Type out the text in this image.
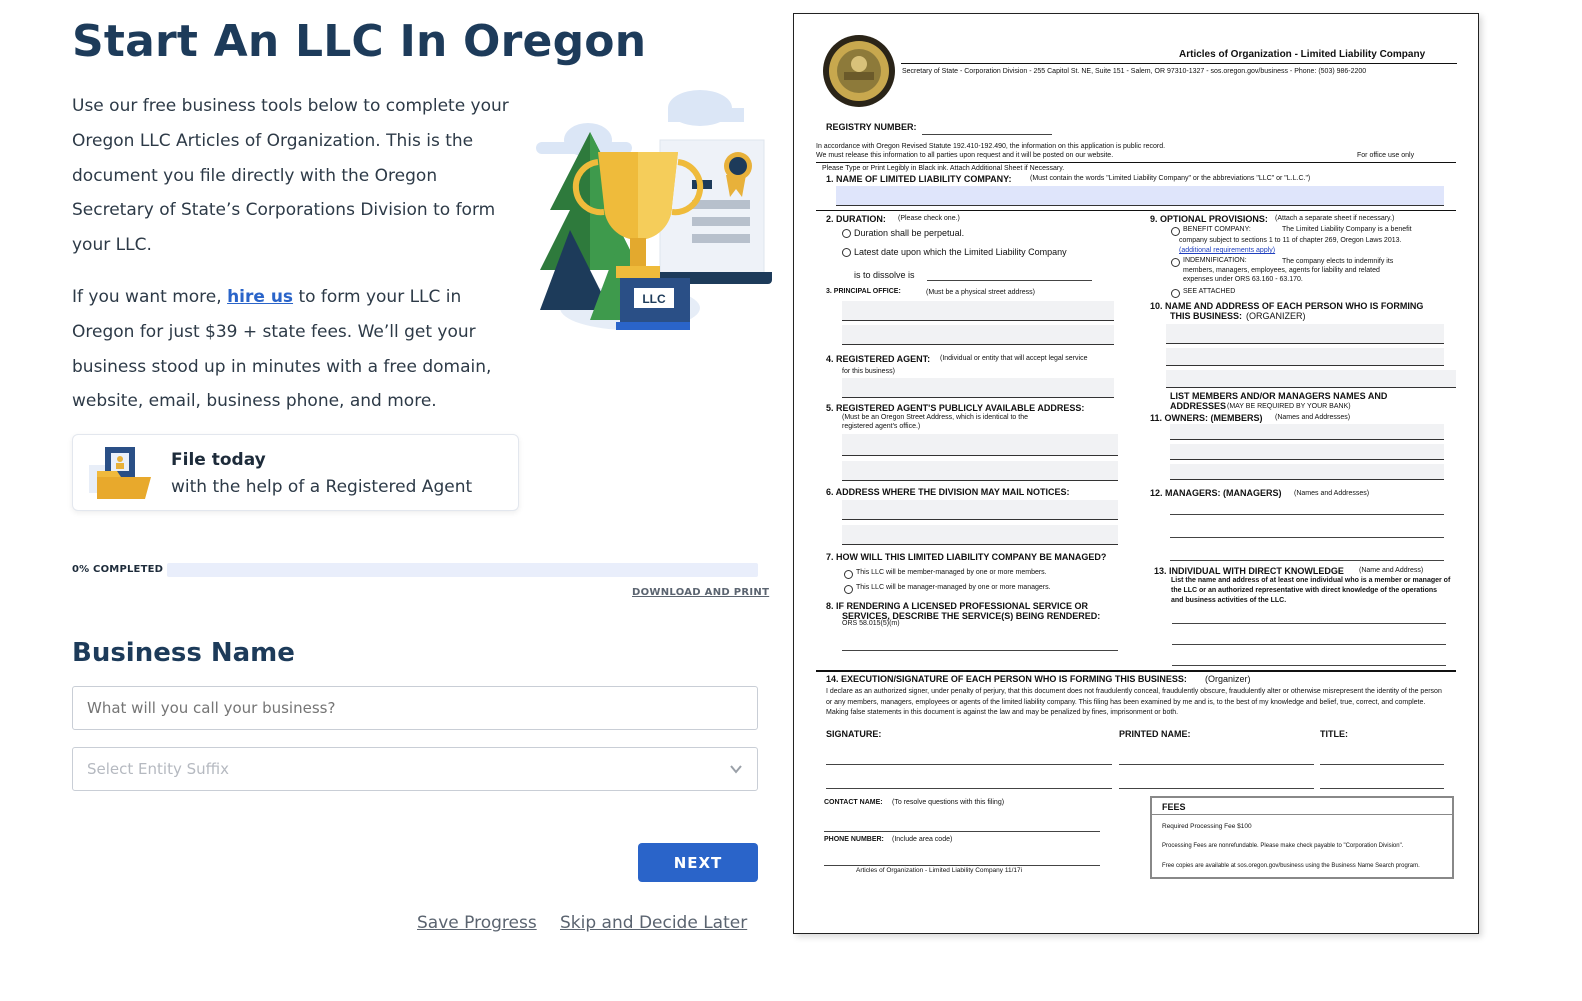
Start An LLC In Oregon

Use our free business tools below to complete your Oregon LLC Articles of Organization. This is the document you file directly with the Oregon Secretary of State’s Corporations Division to form your LLC.

If you want more, hire us to form your LLC in Oregon for just $39 + state fees. We’ll get your business stood up in minutes with a free domain, website, email, business phone, and more.

LLC
File today
with the help of a Registered Agent
0% COMPLETED
DOWNLOAD AND PRINT
Business Name
What will you call your business?
Select Entity Suffix
NEXT
Save Progress Skip and Decide Later
Articles of Organization - Limited Liability Company
Secretary of State - Corporation Division - 255 Capitol St. NE, Suite 151 - Salem, OR 97310-1327 - sos.oregon.gov/business - Phone: (503) 986-2200
REGISTRY NUMBER:
In accordance with Oregon Revised Statute 192.410-192.490, the information on this application is public record.
We must release this information to all parties upon request and it will be posted on our website.	For office use only
Please Type or Print Legibly in Black ink. Attach Additional Sheet if Necessary.
1. NAME OF LIMITED LIABILITY COMPANY:	(Must contain the words "Limited Liability Company" or the abbreviations "LLC" or "L.L.C.")
2. DURATION: (Please check one.)
Duration shall be perpetual.
Latest date upon which the Limited Liability Company
is to dissolve is
3. PRINCIPAL OFFICE:	(Must be a physical street address)
4. REGISTERED AGENT: (Individual or entity that will accept legal service
for this business)
5. REGISTERED AGENT'S PUBLICLY AVAILABLE ADDRESS:
(Must be an Oregon Street Address, which is identical to the
registered agent's office.)
6. ADDRESS WHERE THE DIVISION MAY MAIL NOTICES:
7. HOW WILL THIS LIMITED LIABILITY COMPANY BE MANAGED?
This LLC will be member-managed by one or more members.
This LLC will be manager-managed by one or more managers.
8. IF RENDERING A LICENSED PROFESSIONAL SERVICE OR
SERVICES, DESCRIBE THE SERVICE(S) BEING RENDERED:
ORS 58.015(5)(m)
9. OPTIONAL PROVISIONS: (Attach a separate sheet if necessary.)
BENEFIT COMPANY:	The Limited Liability Company is a benefit
company subject to sections 1 to 11 of chapter 269, Oregon Laws 2013.
(additional requirements apply)
INDEMNIFICATION:	The company elects to indemnify its
members, managers, employees, agents for liability and related
expenses under ORS 63.160 - 63.170.
SEE ATTACHED
10. NAME AND ADDRESS OF EACH PERSON WHO IS FORMING
THIS BUSINESS: (ORGANIZER)
LIST MEMBERS AND/OR MANAGERS NAMES AND
ADDRESSES (MAY BE REQUIRED BY YOUR BANK)
11. OWNERS: (MEMBERS) (Names and Addresses)
12. MANAGERS: (MANAGERS) (Names and Addresses)
13. INDIVIDUAL WITH DIRECT KNOWLEDGE (Name and Address)
List the name and address of at least one individual who is a member or manager of the LLC or an authorized representative with direct knowledge of the operations and business activities of the LLC.
14. EXECUTION/SIGNATURE OF EACH PERSON WHO IS FORMING THIS BUSINESS: (Organizer)
I declare as an authorized signer, under penalty of perjury, that this document does not fraudulently conceal, fraudulently obscure, fraudulently alter or otherwise misrepresent the identity of the person or any members, managers, employees or agents of the limited liability company. This filing has been examined by me and is, to the best of my knowledge and belief, true, correct, and complete. Making false statements in this document is against the law and may be penalized by fines, imprisonment or both.
SIGNATURE:	PRINTED NAME:	TITLE:
CONTACT NAME: (To resolve questions with this filing)
PHONE NUMBER: (Include area code)
Articles of Organization - Limited Liability Company 11/17i
FEES
Required Processing Fee $100
Processing Fees are nonrefundable. Please make check payable to "Corporation Division".
Free copies are available at sos.oregon.gov/business using the Business Name Search program.
